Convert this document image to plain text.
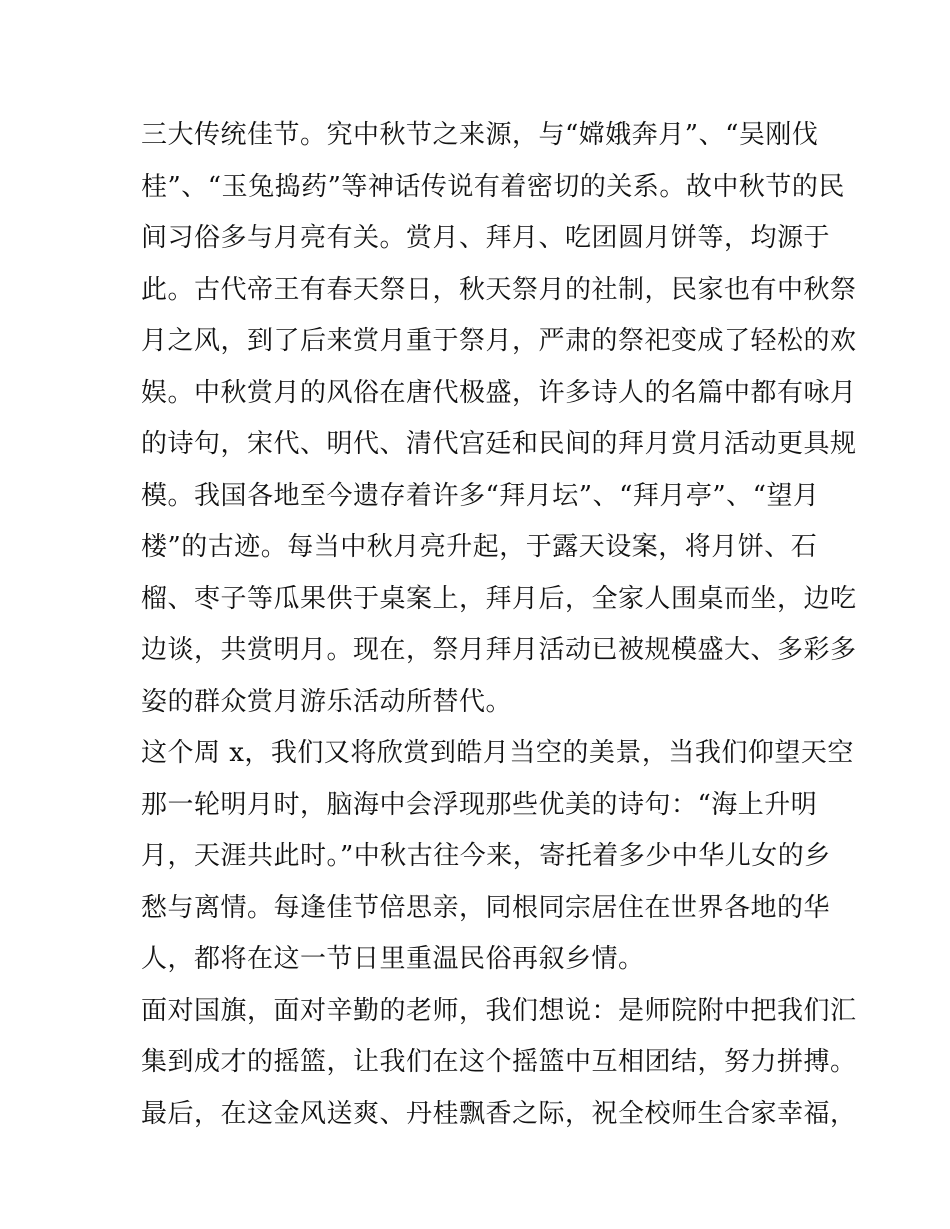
三大传统佳节。究中秋节之来源，与“嫦娥奔月”、“吴刚伐
桂”、“玉兔捣药”等神话传说有着密切的关系。故中秋节的民
间习俗多与月亮有关。赏月、拜月、吃团圆月饼等，均源于
此。古代帝王有春天祭日，秋天祭月的社制，民家也有中秋祭
月之风，到了后来赏月重于祭月，严肃的祭祀变成了轻松的欢
娱。中秋赏月的风俗在唐代极盛，许多诗人的名篇中都有咏月
的诗句，宋代、明代、清代宫廷和民间的拜月赏月活动更具规
模。我国各地至今遗存着许多“拜月坛”、“拜月亭”、“望月
楼”的古迹。每当中秋月亮升起，于露天设案，将月饼、石
榴、枣子等瓜果供于桌案上，拜月后，全家人围桌而坐，边吃
边谈，共赏明月。现在，祭月拜月活动已被规模盛大、多彩多
姿的群众赏月游乐活动所替代。
这个周 x，我们又将欣赏到皓月当空的美景，当我们仰望天空
那一轮明月时，脑海中会浮现那些优美的诗句：“海上升明
月，天涯共此时。”中秋古往今来，寄托着多少中华儿女的乡
愁与离情。每逢佳节倍思亲，同根同宗居住在世界各地的华
人，都将在这一节日里重温民俗再叙乡情。
面对国旗，面对辛勤的老师，我们想说：是师院附中把我们汇
集到成才的摇篮，让我们在这个摇篮中互相团结，努力拼搏。
最后，在这金风送爽、丹桂飘香之际，祝全校师生合家幸福，
